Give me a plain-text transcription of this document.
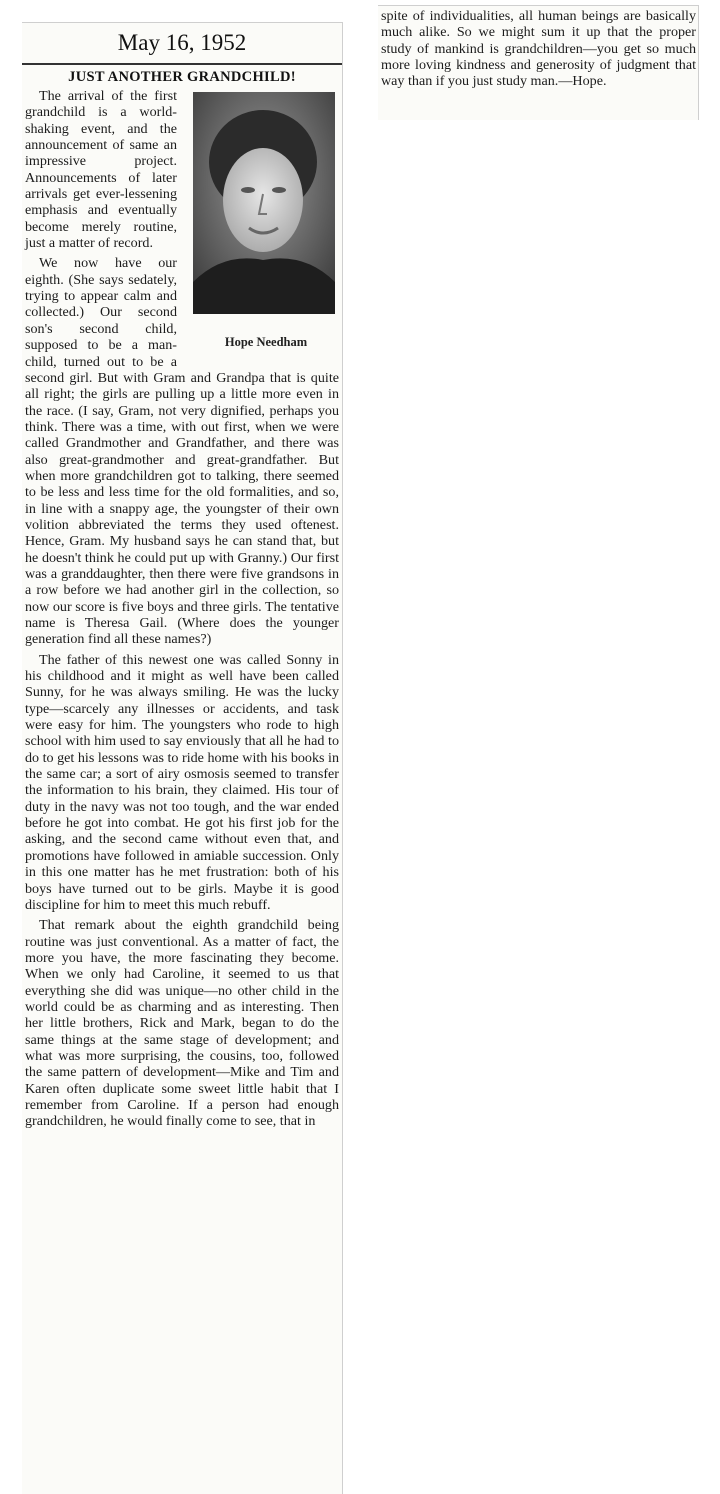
May 16, 1952
JUST ANOTHER GRANDCHILD!
Hope Needham

The arrival of the first grandchild is a world-shaking event, and the announcement of same an impressive project. Announcements of later arrivals get ever-lessening emphasis and eventually become merely routine, just a matter of record.

We now have our eighth. (She says sedately, trying to appear calm and collected.) Our second son's second child, supposed to be a man-child, turned out to be a second girl. But with Gram and Grandpa that is quite all right; the girls are pulling up a little more even in the race. (I say, Gram, not very dignified, perhaps you think. There was a time, with out first, when we were called Grandmother and Grandfather, and there was also great-grandmother and great-grandfather. But when more grandchildren got to talking, there seemed to be less and less time for the old formalities, and so, in line with a snappy age, the youngster of their own volition abbreviated the terms they used oftenest. Hence, Gram. My husband says he can stand that, but he doesn't think he could put up with Granny.) Our first was a granddaughter, then there were five grandsons in a row before we had another girl in the collection, so now our score is five boys and three girls. The tentative name is Theresa Gail. (Where does the younger generation find all these names?)

The father of this newest one was called Sonny in his childhood and it might as well have been called Sunny, for he was always smiling. He was the lucky type—scarcely any illnesses or accidents, and task were easy for him. The youngsters who rode to high school with him used to say enviously that all he had to do to get his lessons was to ride home with his books in the same car; a sort of airy osmosis seemed to transfer the information to his brain, they claimed. His tour of duty in the navy was not too tough, and the war ended before he got into combat. He got his first job for the asking, and the second came without even that, and promotions have followed in amiable succession. Only in this one matter has he met frustration: both of his boys have turned out to be girls. Maybe it is good discipline for him to meet this much rebuff.

That remark about the eighth grandchild being routine was just conventional. As a matter of fact, the more you have, the more fascinating they become. When we only had Caroline, it seemed to us that everything she did was unique—no other child in the world could be as charming and as interesting. Then her little brothers, Rick and Mark, began to do the same things at the same stage of development; and what was more surprising, the cousins, too, followed the same pattern of development—Mike and Tim and Karen often duplicate some sweet little habit that I remember from Caroline. If a person had enough grandchildren, he would finally come to see, that in

spite of individualities, all human beings are basically much alike. So we might sum it up that the proper study of mankind is grandchildren—you get so much more loving kindness and generosity of judgment that way than if you just study man.—Hope.
